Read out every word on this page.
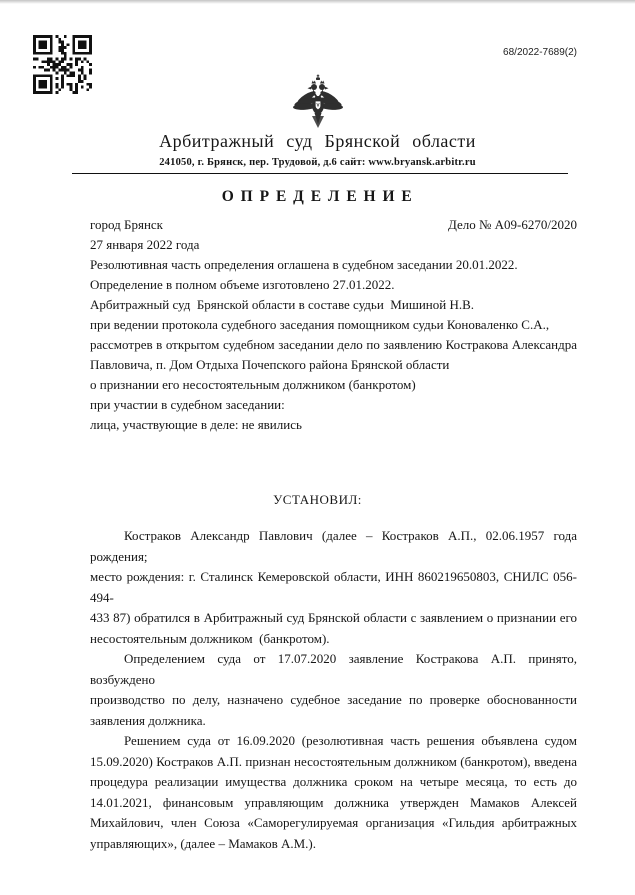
68/2022-7689(2)
Арбитражный суд Брянской области
241050, г. Брянск, пер. Трудовой, д.6 сайт: www.bryansk.arbitr.ru
О П Р Е Д Е Л Е Н И Е
город Брянск	Дело № А09-6270/2020
27 января 2022 года
Резолютивная часть определения оглашена в судебном заседании 20.01.2022.
Определение в полном объеме изготовлено 27.01.2022.
Арбитражный суд  Брянской области в составе судьи  Мишиной Н.В.
при ведении протокола судебного заседания помощником судьи Коноваленко С.А.,
рассмотрев в открытом судебном заседании дело по заявлению Костракова Александра
Павловича, п. Дом Отдыха Почепского района Брянской области
о признании его несостоятельным должником (банкротом)
при участии в судебном заседании:
лица, участвующие в деле: не явились
УСТАНОВИЛ:
Костраков Александр Павлович (далее – Костраков А.П., 02.06.1957 года рождения;
место рождения: г. Сталинск Кемеровской области, ИНН 860219650803, СНИЛС 056-494-
433 87) обратился в Арбитражный суд Брянской области с заявлением о признании его
несостоятельным должником  (банкротом).
Определением суда от 17.07.2020 заявление Костракова А.П. принято, возбуждено
производство по делу, назначено судебное заседание по проверке обоснованности
заявления должника.
Решением суда от 16.09.2020 (резолютивная часть решения объявлена судом
15.09.2020) Костраков А.П. признан несостоятельным должником (банкротом), введена
процедура реализации имущества должника сроком на четыре месяца, то есть до
14.01.2021, финансовым управляющим должника утвержден Мамаков Алексей
Михайлович, член Союза «Саморегулируемая организация «Гильдия арбитражных
управляющих», (далее – Мамаков А.М.).
